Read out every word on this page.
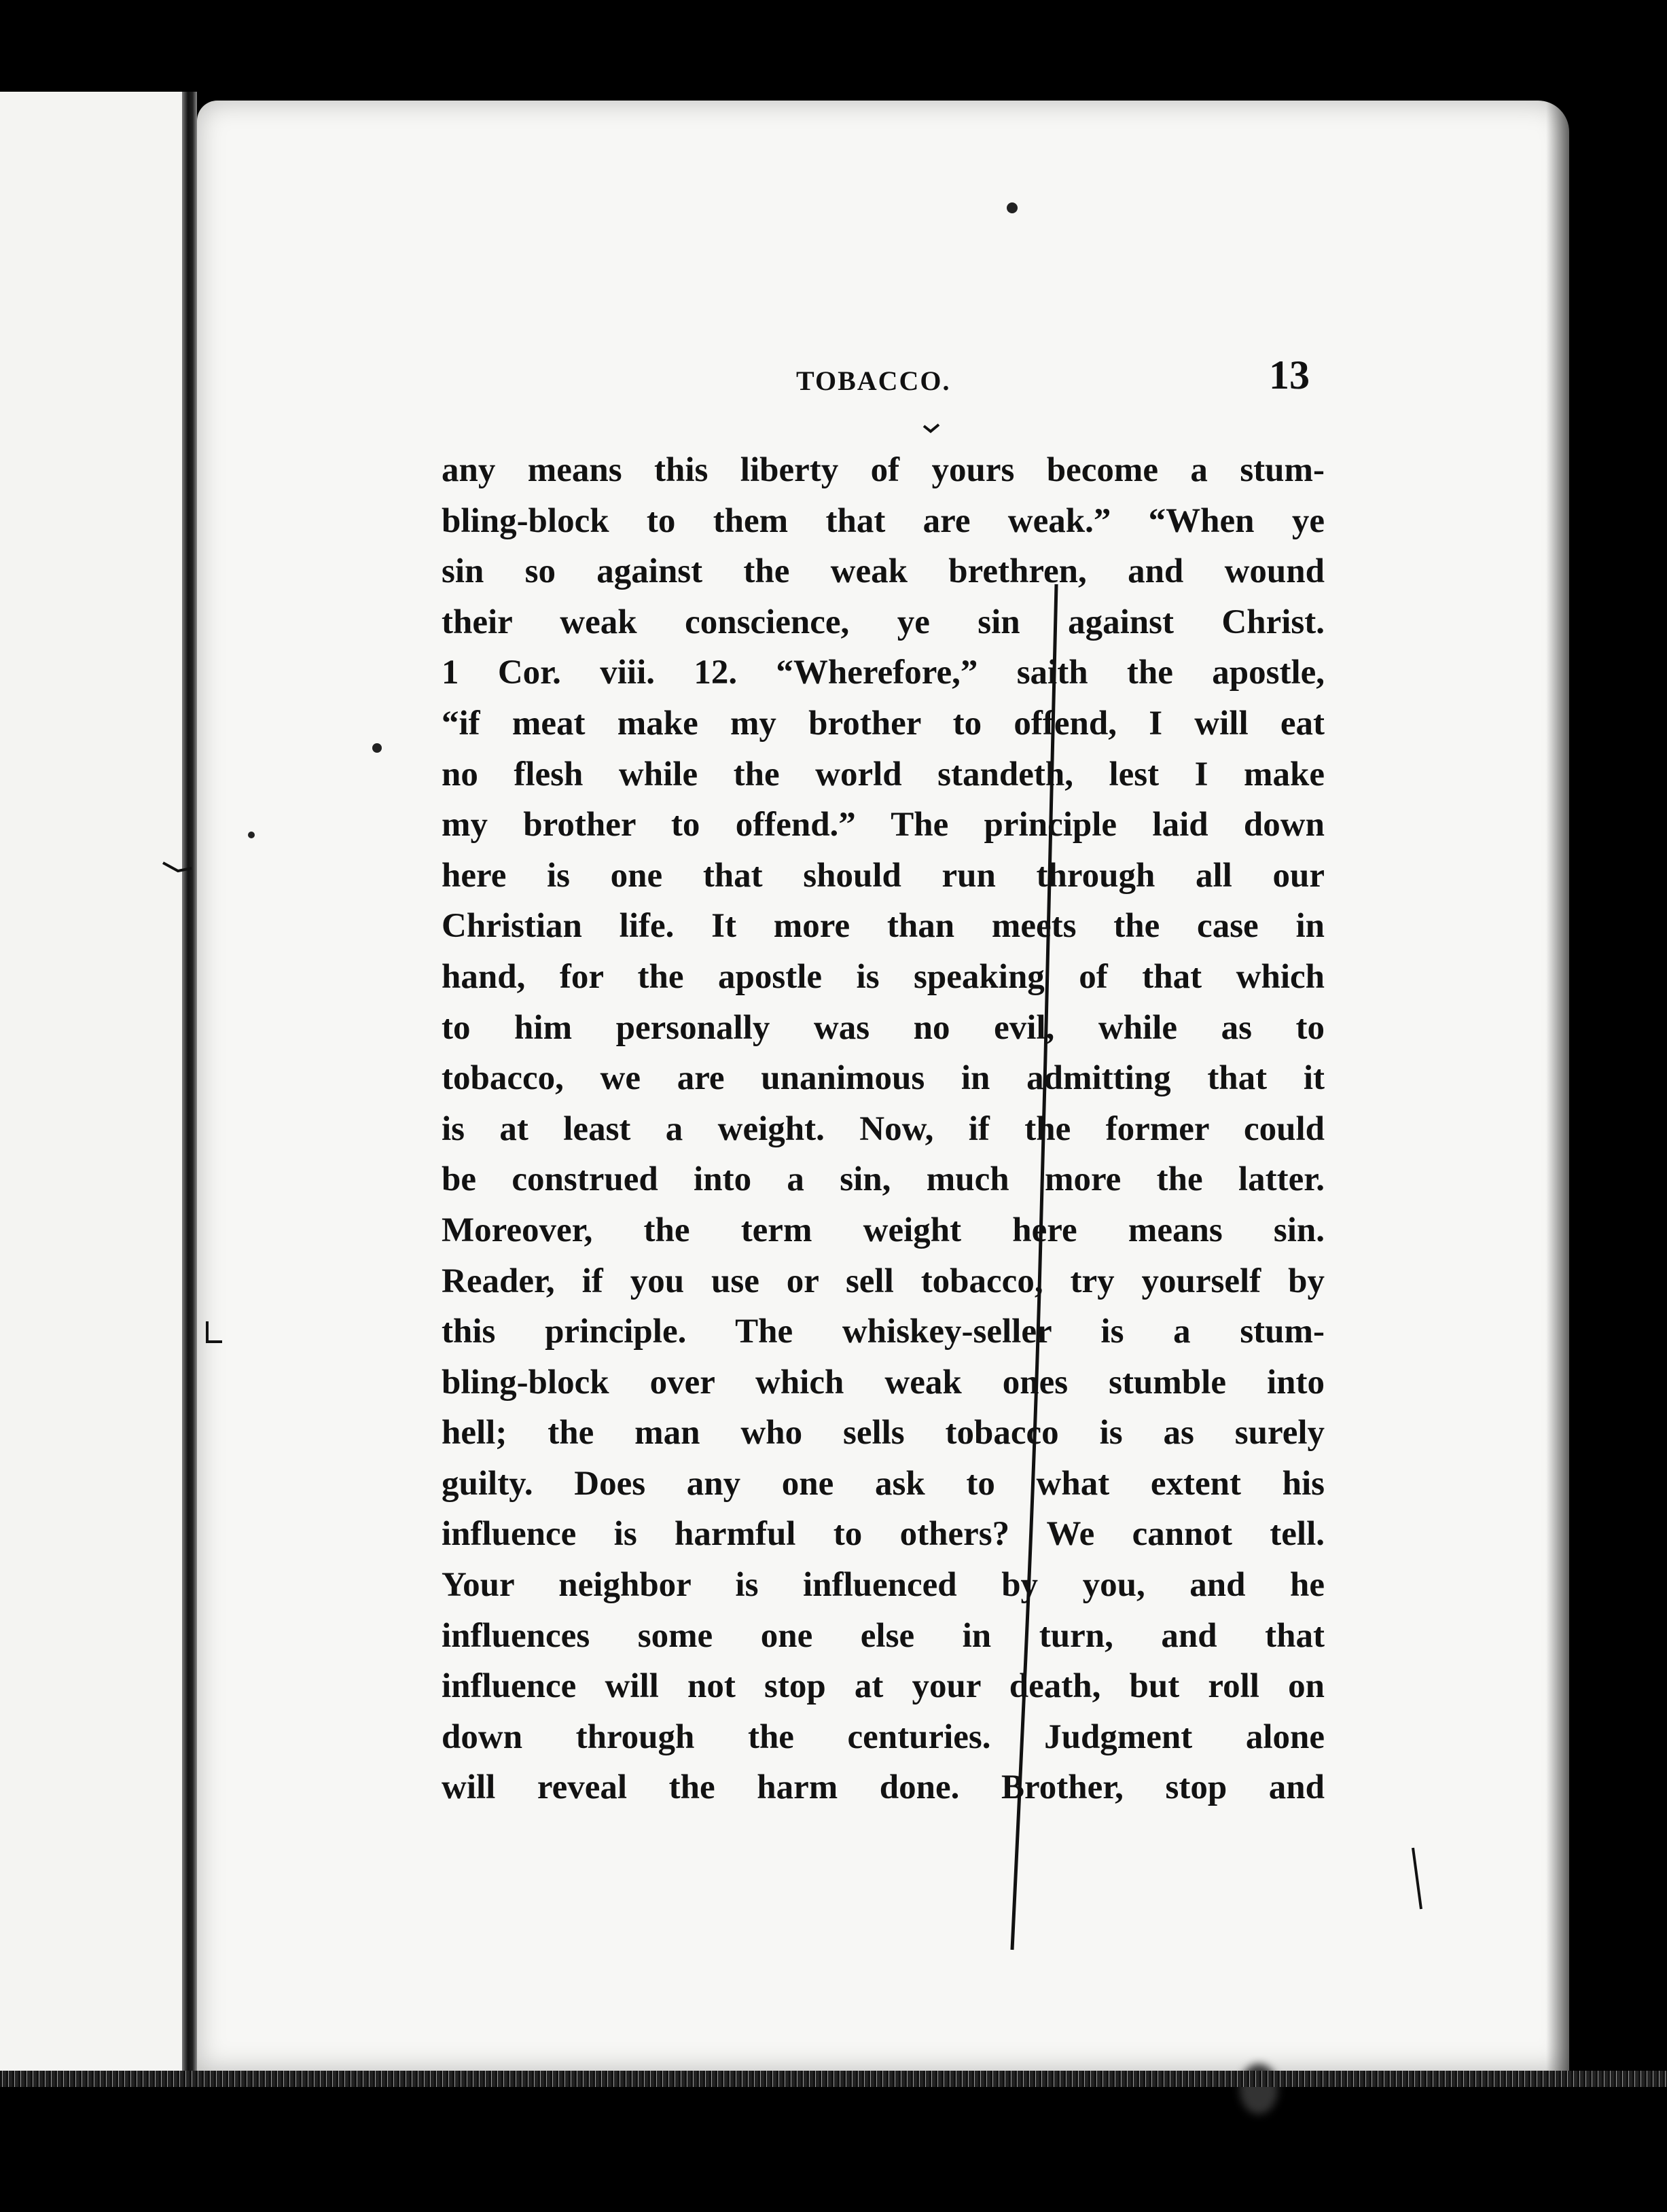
TOBACCO.	13
any means this liberty of yours become a stum-
bling-block to them that are weak.” “When ye
sin so against the weak brethren, and wound
their weak conscience, ye sin against Christ.
1 Cor. viii. 12. “Wherefore,” saith the apostle,
“if meat make my brother to offend, I will eat
no flesh while the world standeth, lest I make
my brother to offend.” The principle laid down
here is one that should run through all our
Christian life. It more than meets the case in
hand, for the apostle is speaking of that which
to him personally was no evil, while as to
tobacco, we are unanimous in admitting that it
is at least a weight. Now, if the former could
be construed into a sin, much more the latter.
Moreover, the term weight here means sin.
Reader, if you use or sell tobacco, try yourself by
this principle. The whiskey-seller is a stum-
bling-block over which weak ones stumble into
hell; the man who sells tobacco is as surely
guilty. Does any one ask to what extent his
influence is harmful to others? We cannot tell.
Your neighbor is influenced by you, and he
influences some one else in turn, and that
influence will not stop at your death, but roll on
down through the centuries. Judgment alone
will reveal the harm done. Brother, stop and
